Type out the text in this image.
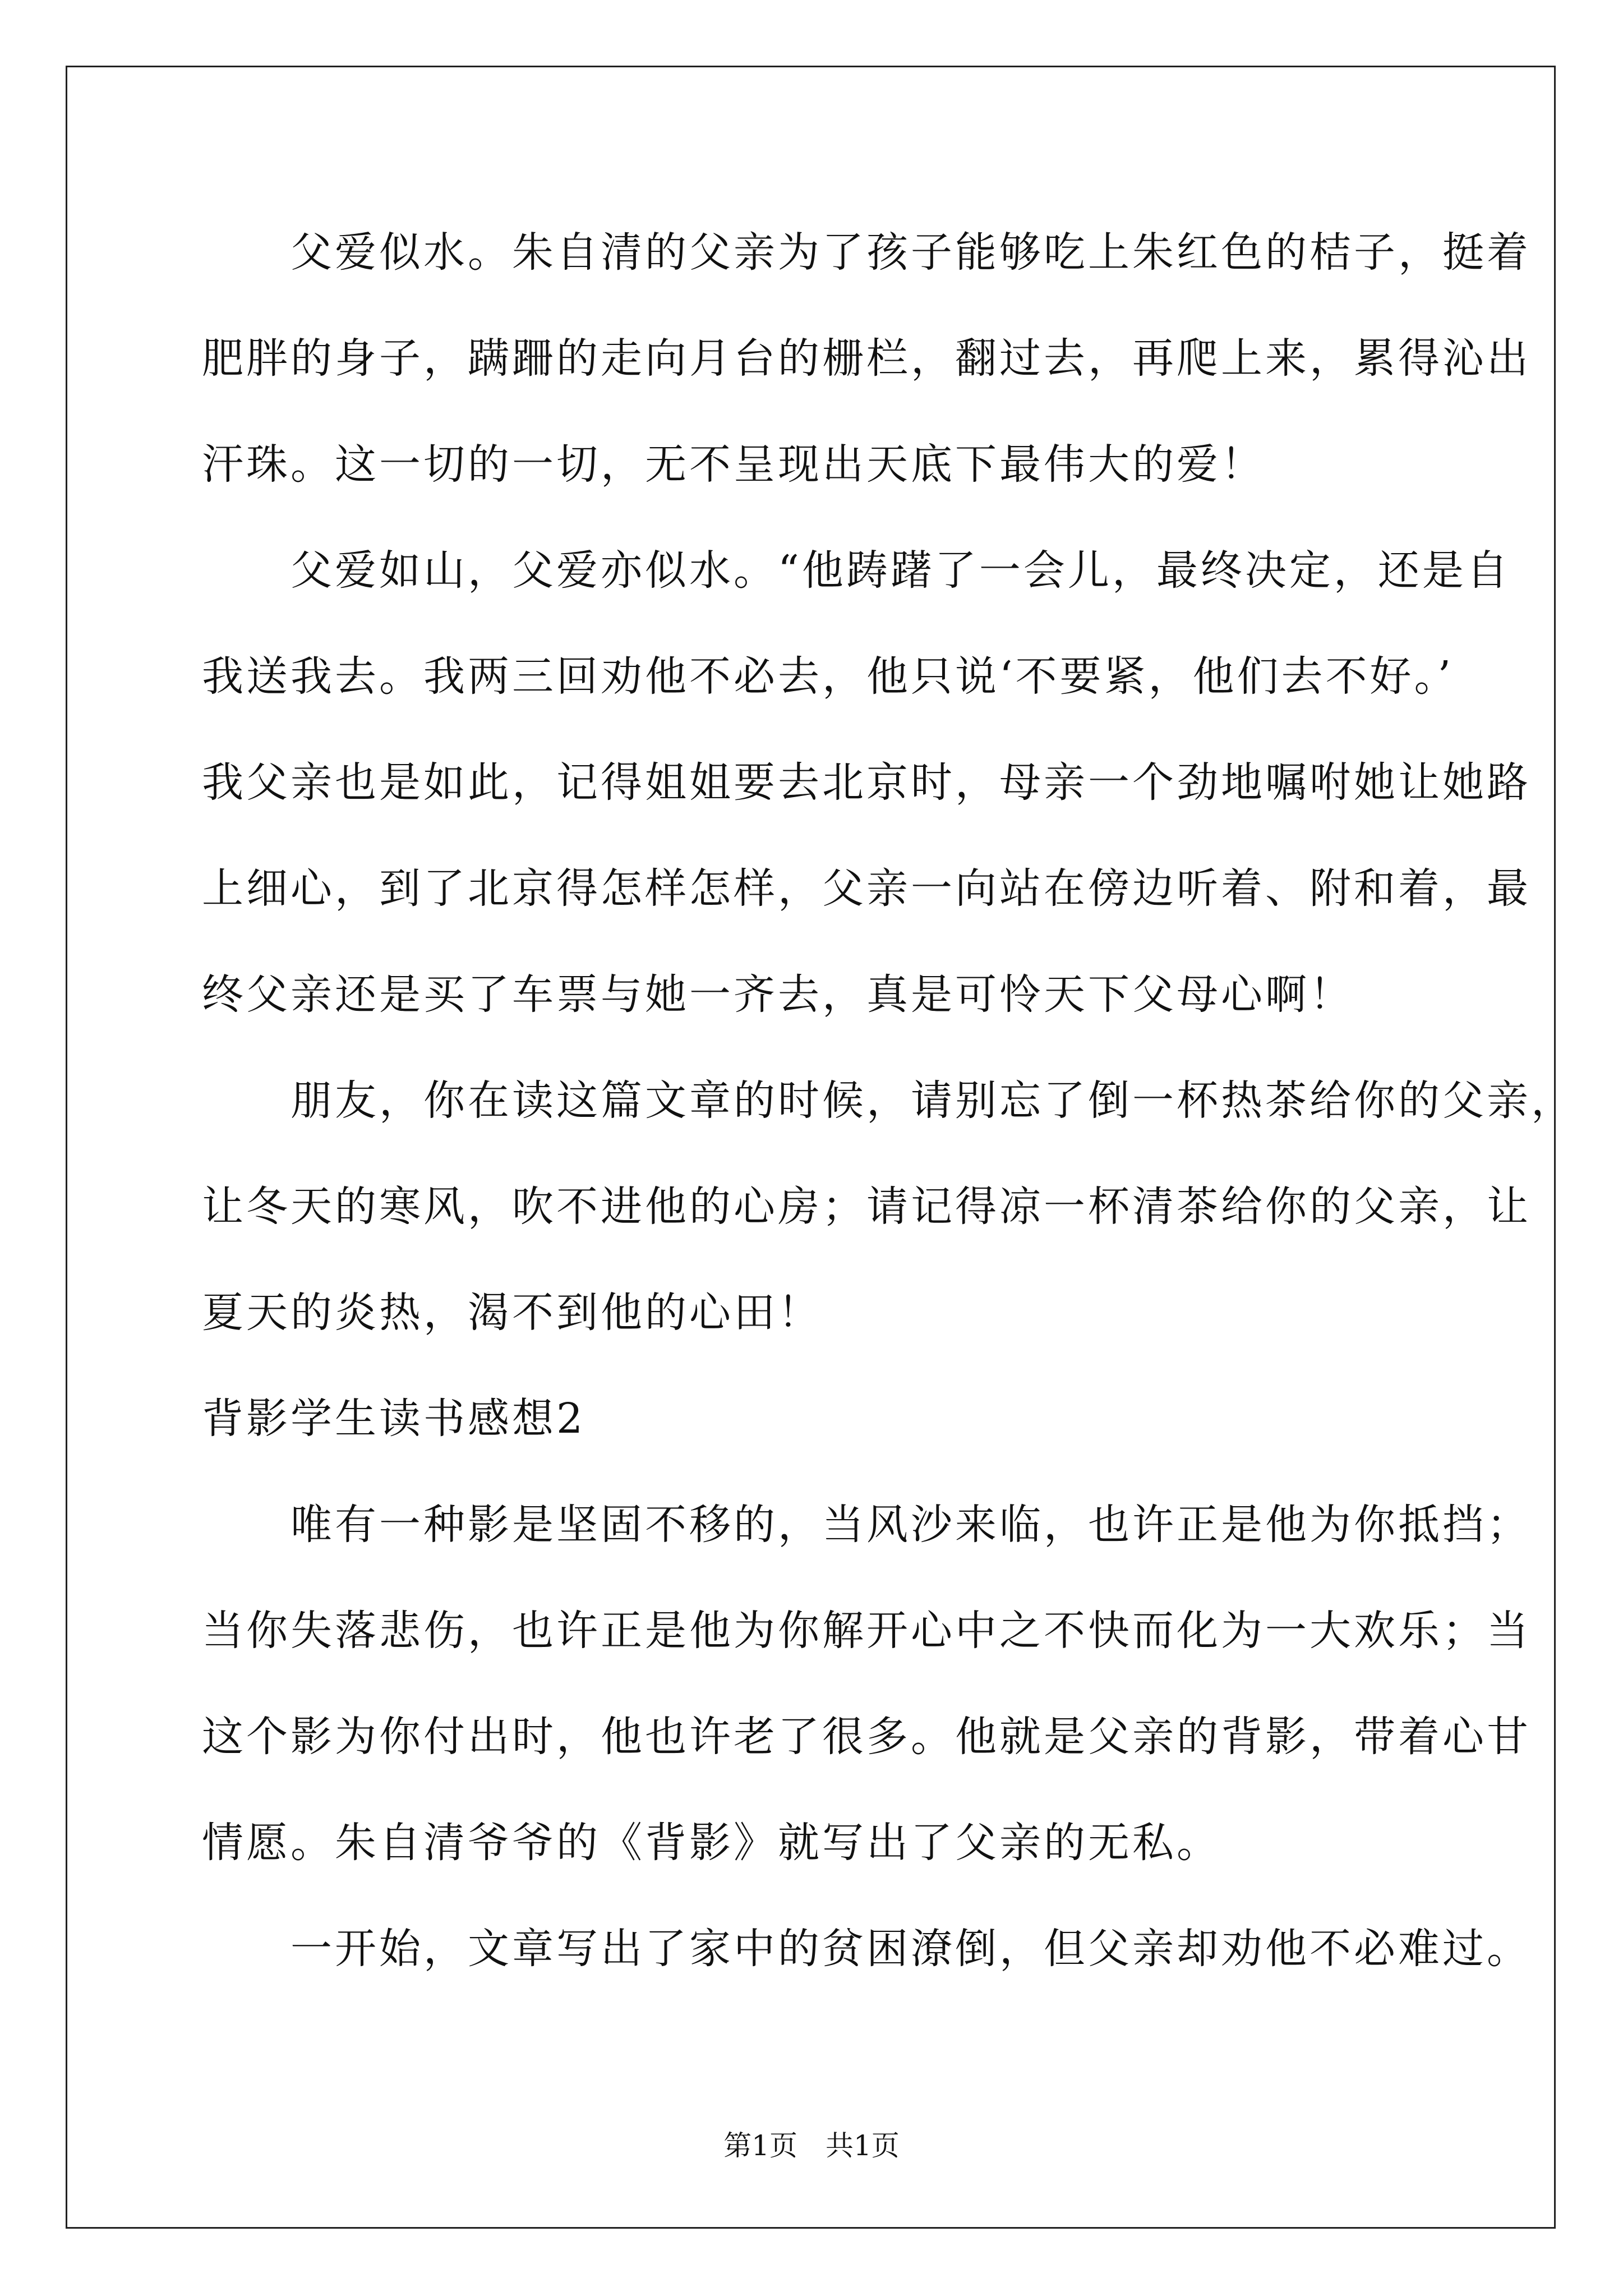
　　父爱似水。朱自清的父亲为了孩子能够吃上朱红色的桔子，挺着
肥胖的身子，蹒跚的走向月台的栅栏，翻过去，再爬上来，累得沁出
汗珠。这一切的一切，无不呈现出天底下最伟大的爱！
　　父爱如山，父爱亦似水。“他踌躇了一会儿，最终决定，还是自
我送我去。我两三回劝他不必去，他只说‘不要紧，他们去不好。’
我父亲也是如此，记得姐姐要去北京时，母亲一个劲地嘱咐她让她路
上细心，到了北京得怎样怎样，父亲一向站在傍边听着、附和着，最
终父亲还是买了车票与她一齐去，真是可怜天下父母心啊！
　　朋友，你在读这篇文章的时候，请别忘了倒一杯热茶给你的父亲，
让冬天的寒风，吹不进他的心房；请记得凉一杯清茶给你的父亲，让
夏天的炎热，渴不到他的心田！
背影学生读书感想2
　　唯有一种影是坚固不移的，当风沙来临，也许正是他为你抵挡；
当你失落悲伤，也许正是他为你解开心中之不快而化为一大欢乐；当
这个影为你付出时，他也许老了很多。他就是父亲的背影，带着心甘
情愿。朱自清爷爷的《背影》就写出了父亲的无私。
　　一开始，文章写出了家中的贫困潦倒，但父亲却劝他不必难过。
第1页　共1页
